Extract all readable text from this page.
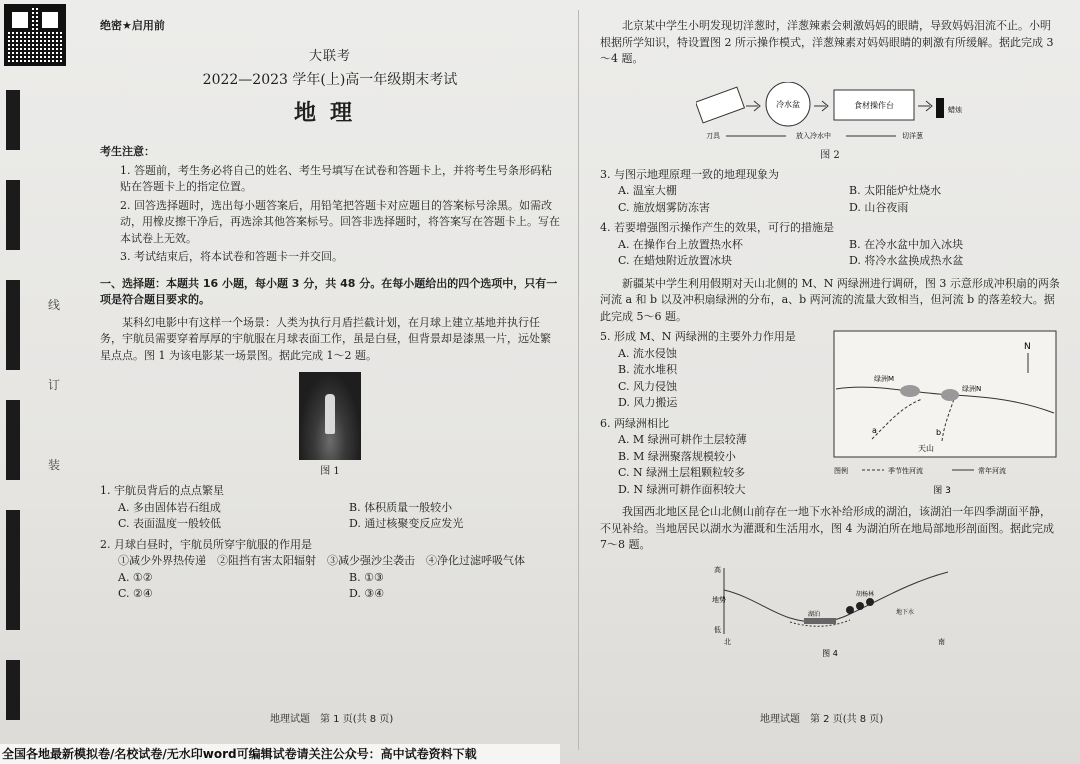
线
订
装
绝密★启用前
大联考
2022—2023 学年(上)高一年级期末考试
地理
考生注意：
1. 答题前，考生务必将自己的姓名、考生号填写在试卷和答题卡上，并将考生号条形码粘贴在答题卡上的指定位置。
2. 回答选择题时，选出每小题答案后，用铅笔把答题卡对应题目的答案标号涂黑。如需改动，用橡皮擦干净后，再选涂其他答案标号。回答非选择题时，将答案写在答题卡上。写在本试卷上无效。
3. 考试结束后，将本试卷和答题卡一并交回。
一、选择题：本题共 16 小题，每小题 3 分，共 48 分。在每小题给出的四个选项中，只有一项是符合题目要求的。
某科幻电影中有这样一个场景：人类为执行月盾拦截计划，在月球上建立基地并执行任务，宇航员需要穿着厚厚的宇航服在月球表面工作，虽是白昼，但背景却是漆黑一片，远处繁星点点。图 1 为该电影某一场景图。据此完成 1～2 题。
图 1
1. 宇航员背后的点点繁星
A. 多由固体岩石组成	B. 体积质量一般较小
C. 表面温度一般较低	D. 通过核聚变反应发光
2. 月球白昼时，宇航员所穿宇航服的作用是
①减少外界热传递　②阻挡有害太阳辐射　③减少强沙尘袭击　④净化过滤呼吸气体
A. ①②	B. ①③
C. ②④	D. ③④
地理试题　第 1 页(共 8 页)
北京某中学生小明发现切洋葱时，洋葱辣素会刺激妈妈的眼睛，导致妈妈泪流不止。小明根据所学知识，特设置图 2 所示操作模式，洋葱辣素对妈妈眼睛的刺激有所缓解。据此完成 3～4 题。
冷水盆	食材操作台	蜡烛
刀具	放入冷水中	切洋葱
图 2
3. 与图示地理原理一致的地理现象为
A. 温室大棚	B. 太阳能炉灶烧水
C. 施放烟雾防冻害	D. 山谷夜雨
4. 若要增强图示操作产生的效果，可行的措施是
A. 在操作台上放置热水杯	B. 在冷水盆中加入冰块
C. 在蜡烛附近放置冰块	D. 将冷水盆换成热水盆
新疆某中学生利用假期对天山北侧的 M、N 两绿洲进行调研，图 3 示意形成冲积扇的两条河流 a 和 b 以及冲积扇绿洲的分布，a、b 两河流的流量大致相当，但河流 b 的落差较大。据此完成 5～6 题。
5. 形成 M、N 两绿洲的主要外力作用是
A. 流水侵蚀
B. 流水堆积
C. 风力侵蚀
D. 风力搬运
6. 两绿洲相比
A. M 绿洲可耕作土层较薄
B. M 绿洲聚落规模较小
C. N 绿洲土层粗颗粒较多
D. N 绿洲可耕作面积较大
N
绿洲M
绿洲N
a	b
天山
图例	季节性河流	常年河流
图 3
我国西北地区昆仑山北侧山前存在一地下水补给形成的湖泊，该湖泊一年四季湖面平静，不见补给。当地居民以湖水为灌溉和生活用水，图 4 为湖泊所在地局部地形剖面图。据此完成 7～8 题。
高
地势
低
湖泊
胡杨林
地下水
北	南
图 4
地理试题　第 2 页(共 8 页)
全国各地最新模拟卷/名校试卷/无水印word可编辑试卷请关注公众号：高中试卷资料下载
